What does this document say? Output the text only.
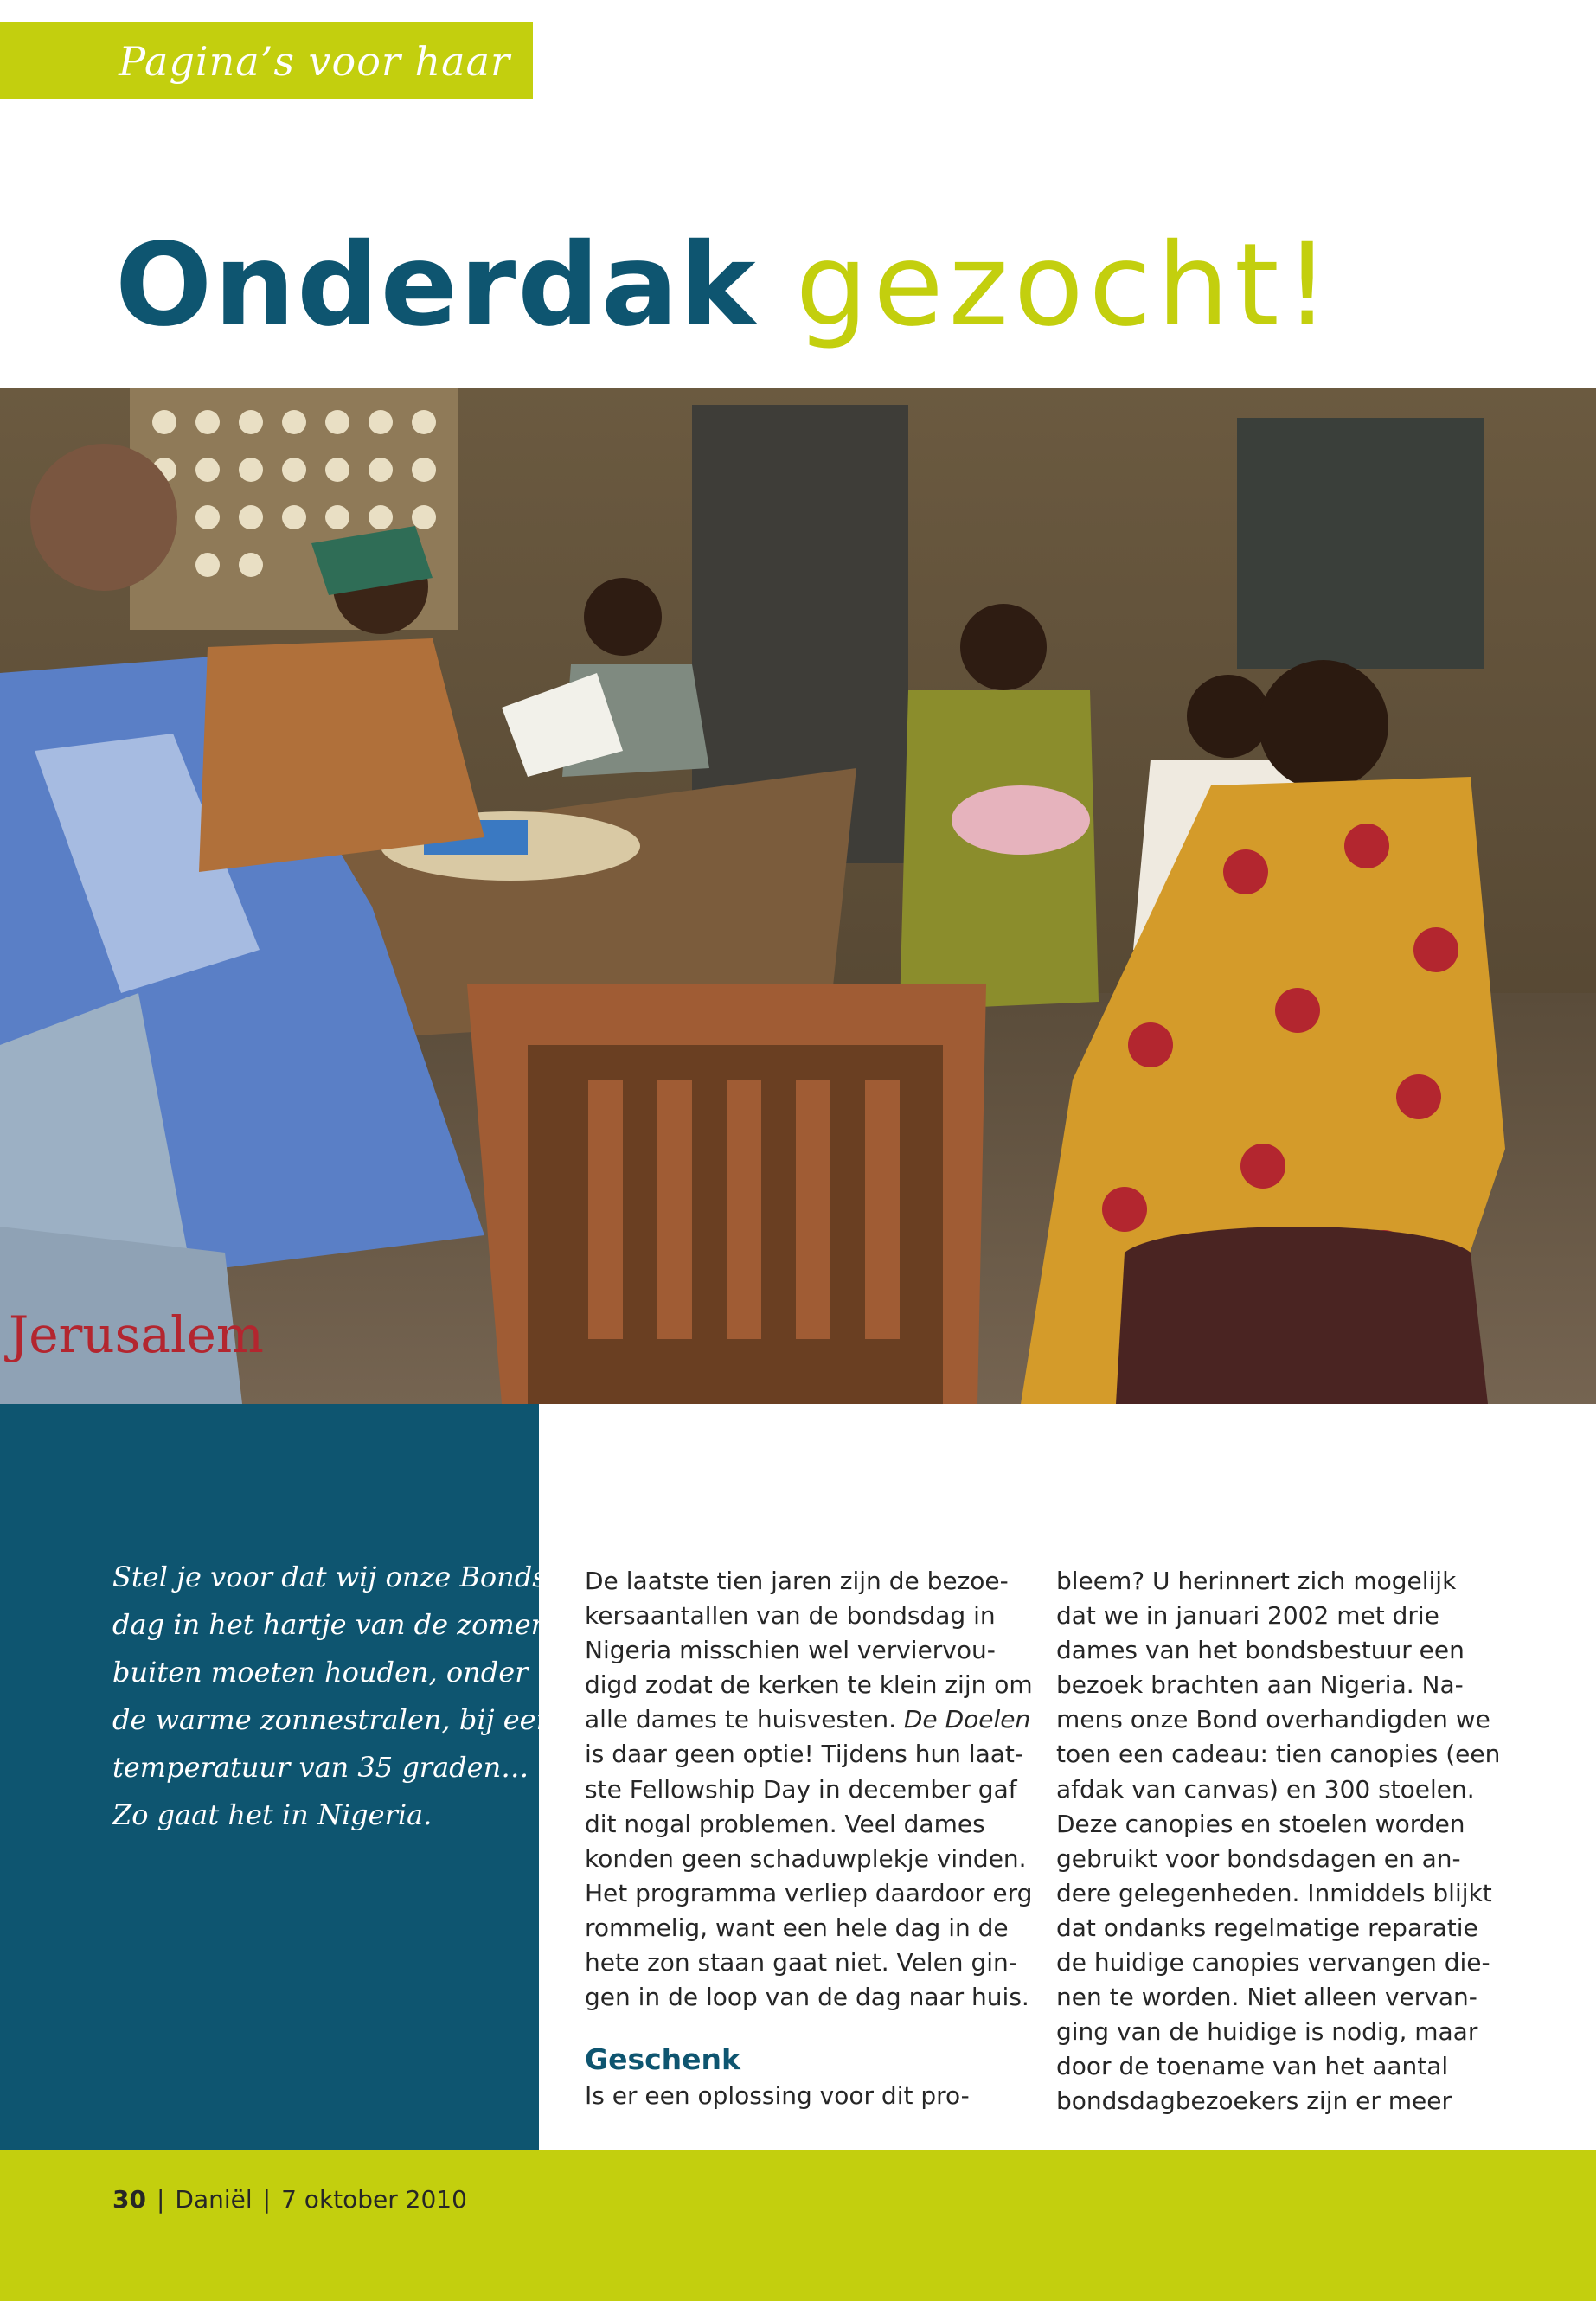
Pagina’s voor haar
Onderdak gezocht!
Jerusalem
Stel je voor dat wij onze Bonds-
dag in het hartje van de zomer
buiten moeten houden, onder
de warme zonnestralen, bij een
temperatuur van 35 graden…
Zo gaat het in Nigeria.
De laatste tien jaren zijn de bezoe-
kersaantallen van de bondsdag in
Nigeria misschien wel verviervou-
digd zodat de kerken te klein zijn om
alle dames te huisvesten. De Doelen
is daar geen optie! Tijdens hun laat-
ste Fellowship Day in december gaf
dit nogal problemen. Veel dames
konden geen schaduwplekje vinden.
Het programma verliep daardoor erg
rommelig, want een hele dag in de
hete zon staan gaat niet. Velen gin-
gen in de loop van de dag naar huis.
Geschenk
Is er een oplossing voor dit pro-
bleem? U herinnert zich mogelijk
dat we in januari 2002 met drie
dames van het bondsbestuur een
bezoek brachten aan Nigeria. Na-
mens onze Bond overhandigden we
toen een cadeau: tien canopies (een
afdak van canvas) en 300 stoelen.
Deze canopies en stoelen worden
gebruikt voor bondsdagen en an-
dere gelegenheden. Inmiddels blijkt
dat ondanks regelmatige reparatie
de huidige canopies vervangen die-
nen te worden. Niet alleen vervan-
ging van de huidige is nodig, maar
door de toename van het aantal
bondsdagbezoekers zijn er meer
30 | Daniël | 7 oktober 2010
